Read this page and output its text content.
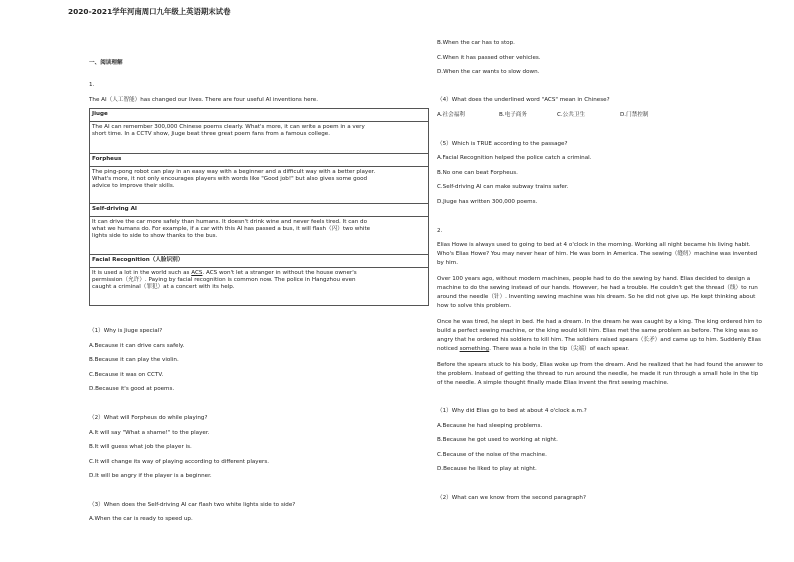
2020-2021学年河南周口九年级上英语期末试卷
一、阅读理解
1.
The AI（人工智能）has changed our lives. There are four useful AI inventions here.
Jiuge

The AI can remember 300,000 Chinese poems clearly. What's more, it can write a poem in a very
short time. In a CCTV show, Jiuge beat three great poem fans from a famous college.

Forpheus

The ping-pong robot can play in an easy way with a beginner and a difficult way with a better player.
What's more, it not only encourages players with words like "Good job!" but also gives some good
advice to improve their skills.

Self-driving AI

It can drive the car more safely than humans. It doesn't drink wine and never feels tired. It can do
what we humans do. For example, if a car with this AI has passed a bus, it will flash（闪）two white
lights side to side to show thanks to the bus.

Facial Recognition（人脸识别）

It is used a lot in the world such as ACS. ACS won't let a stranger in without the house owner's
permission（允许）. Paying by facial recognition is common now. The police in Hangzhou even
caught a criminal（罪犯）at a concert with its help.
（1）Why is Jiuge special?
A.Because it can drive cars safely.
B.Because it can play the violin.
C.Because it was on CCTV.
D.Because it's good at poems.
（2）What will Forpheus do while playing?
A.It will say "What a shame!" to the player.
B.It will guess what job the player is.
C.It will change its way of playing according to different players.
D.It will be angry if the player is a beginner.
（3）When does the Self-driving AI car flash two white lights side to side?
A.When the car is ready to speed up.
B.When the car has to stop.
C.When it has passed other vehicles.
D.When the car wants to slow down.
（4）What does the underlined word "ACS" mean in Chinese?
A.社会福利	B.电子商务	C.公共卫生	D.门禁控制
（5）Which is TRUE according to the passage?
A.Facial Recognition helped the police catch a criminal.
B.No one can beat Forpheus.
C.Self-driving AI can make subway trains safer.
D.Jiuge has written 300,000 poems.
2.
Elias Howe is always used to going to bed at 4 o'clock in the morning. Working all night became his living habit.
Who's Elias Howe? You may never hear of him. He was born in America. The sewing（缝纫）machine was invented
by him.
Over 100 years ago, without modern machines, people had to do the sewing by hand. Elias decided to design a
machine to do the sewing instead of our hands. However, he had a trouble. He couldn't get the thread（线）to run
around the needle（针）. Inventing sewing machine was his dream. So he did not give up. He kept thinking about
how to solve this problem.
Once he was tired, he slept in bed. He had a dream. In the dream he was caught by a king. The king ordered him to
build a perfect sewing machine, or the king would kill him. Elias met the same problem as before. The king was so
angry that he ordered his soldiers to kill him. The soldiers raised spears（长矛）and came up to him. Suddenly Elias
noticed something. There was a hole in the tip（尖端）of each spear.
Before the spears stuck to his body, Elias woke up from the dream. And he realized that he had found the answer to
the problem. Instead of getting the thread to run around the needle, he made it run through a small hole in the tip
of the needle. A simple thought finally made Elias invent the first sewing machine.
（1）Why did Elias go to bed at about 4 o'clock a.m.?
A.Because he had sleeping problems.
B.Because he got used to working at night.
C.Because of the noise of the machine.
D.Because he liked to play at night.
（2）What can we know from the second paragraph?
